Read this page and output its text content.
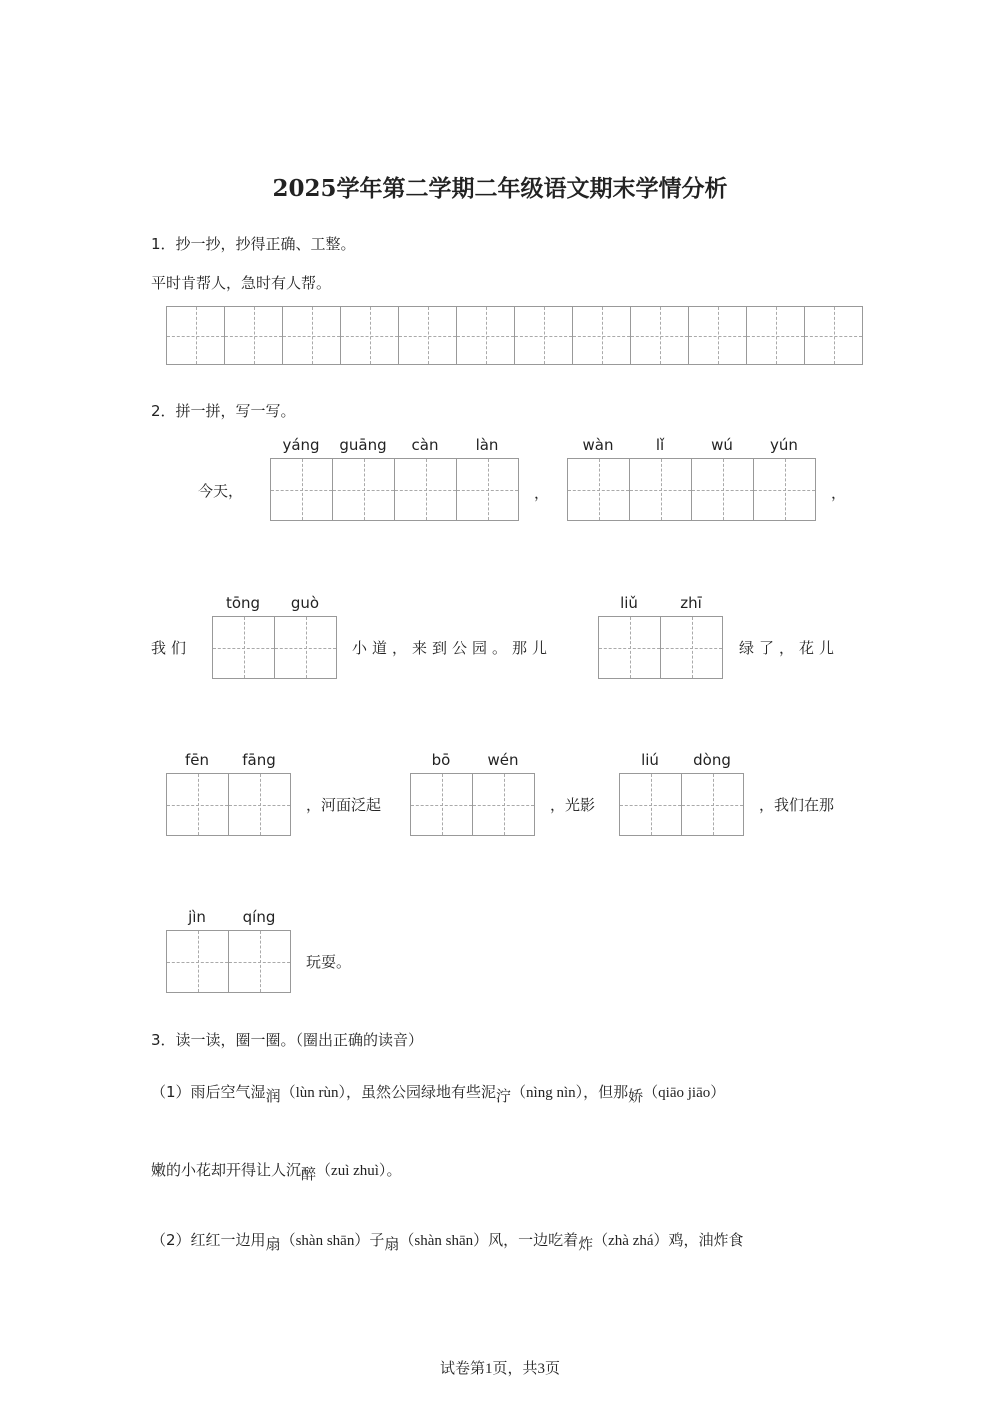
2025学年第二学期二年级语文期末学情分析
1．抄一抄，抄得正确、工整。
平时肯帮人，急时有人帮。
2．拼一拼，写一写。
今天，
yáng	guāng	càn	làn
，
wàn	lǐ	wú	yún
，
我们
tōng	guò
小道，来到公园。那儿
liǔ	zhī
绿了，花儿
fēn	fāng
，河面泛起
bō	wén
，光影
liú	dòng
，我们在那
jìn	qíng
玩耍。
3．读一读，圈一圈。（圈出正确的读音）
（1）雨后空气湿润（lùn rùn），虽然公园绿地有些泥泞（nìng nìn），但那娇（qiāo jiāo）
嫩的小花却开得让人沉醉（zuì zhuì）。
（2）红红一边用扇（shàn shān）子扇（shàn shān）风，一边吃着炸（zhà zhá）鸡，油炸食
试卷第1页，共3页
